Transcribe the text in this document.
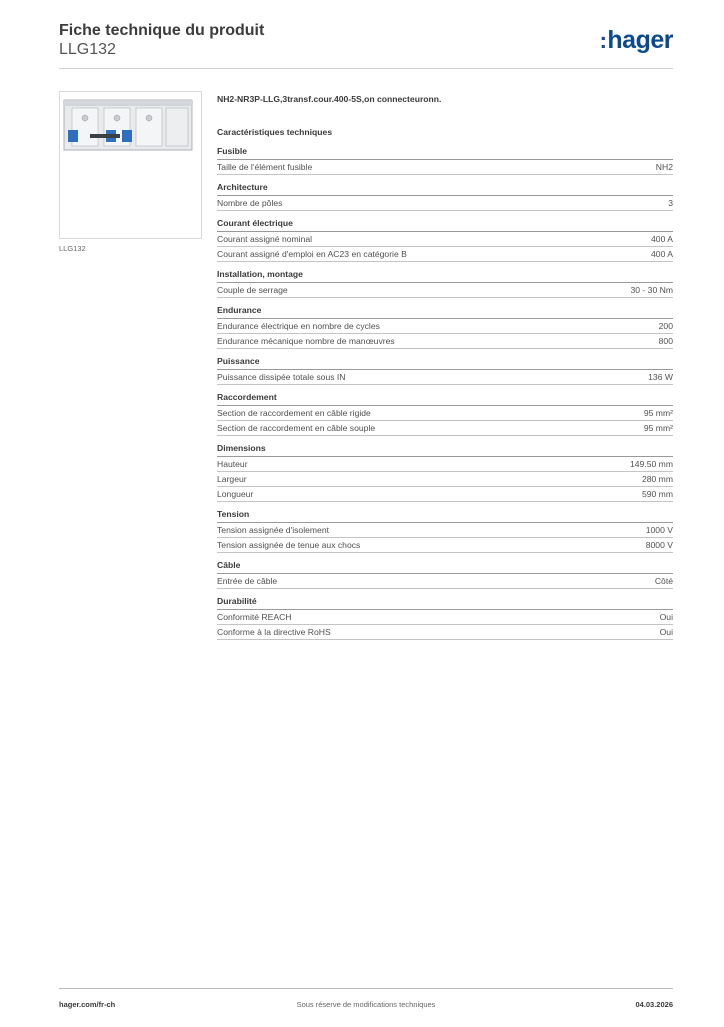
Fiche technique du produit
LLG132	:hager
LLG132
NH2-NR3P-LLG,3transf.cour.400-5S,on connecteuronn.
Caractéristiques techniques
Fusible
Taille de l'élément fusible	NH2
Architecture
Nombre de pôles	3
Courant électrique
Courant assigné nominal	400 A
Courant assigné d'emploi en AC23 en catégorie B	400 A
Installation, montage
Couple de serrage	30 - 30 Nm
Endurance
Endurance électrique en nombre de cycles	200
Endurance mécanique nombre de manœuvres	800
Puissance
Puissance dissipée totale sous IN	136 W
Raccordement
Section de raccordement en câble rigide	95 mm²
Section de raccordement en câble souple	95 mm²
Dimensions
Hauteur	149.50 mm
Largeur	280 mm
Longueur	590 mm
Tension
Tension assignée d'isolement	1000 V
Tension assignée de tenue aux chocs	8000 V
Câble
Entrée de câble	Côté
Durabilité
Conformité REACH	Oui
Conforme à la directive RoHS	Oui
hager.com/fr-ch	Sous réserve de modifications techniques	04.03.2026
